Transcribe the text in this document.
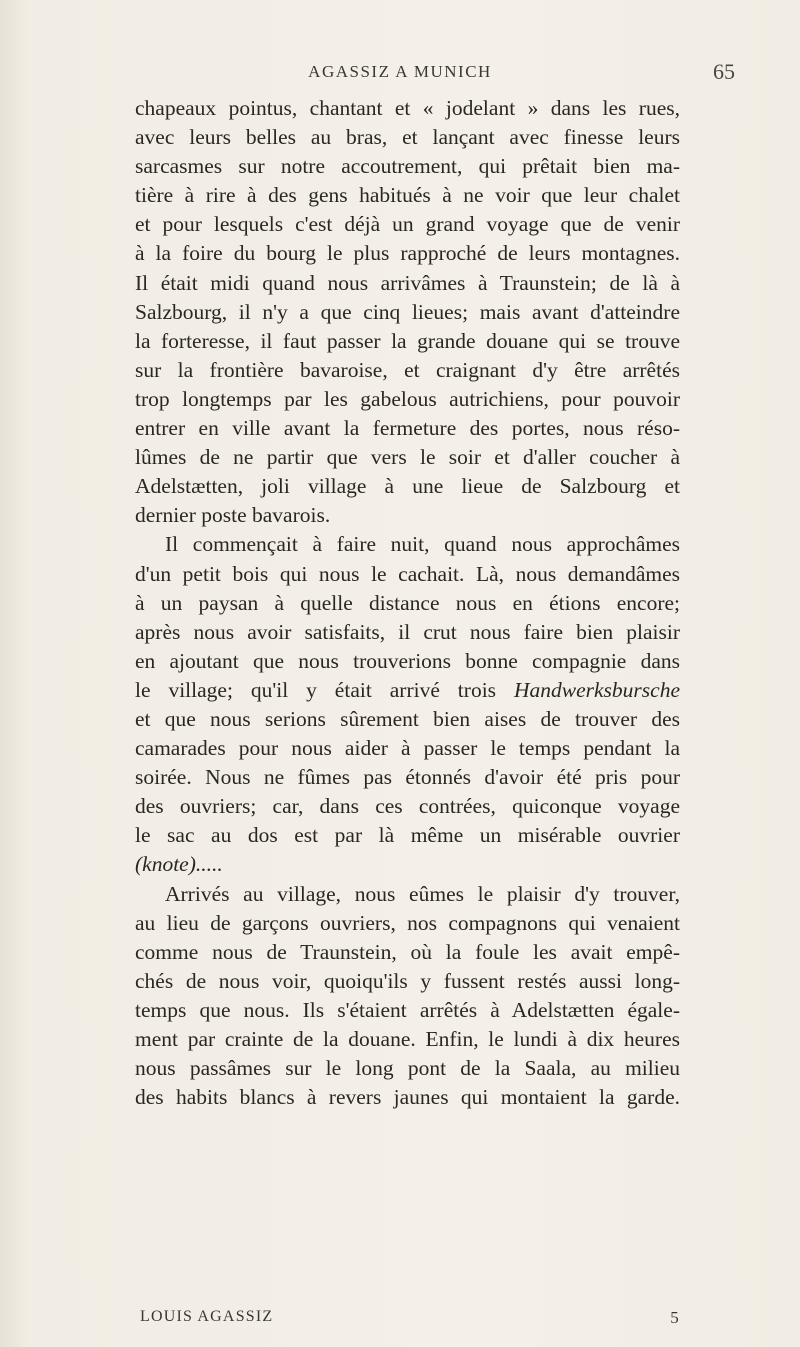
AGASSIZ A MUNICH	65
chapeaux pointus, chantant et « jodelant » dans les rues,
avec leurs belles au bras, et lançant avec finesse leurs
sarcasmes sur notre accoutrement, qui prêtait bien ma-
tière à rire à des gens habitués à ne voir que leur chalet
et pour lesquels c'est déjà un grand voyage que de venir
à la foire du bourg le plus rapproché de leurs montagnes.
Il était midi quand nous arrivâmes à Traunstein; de là à
Salzbourg, il n'y a que cinq lieues; mais avant d'atteindre
la forteresse, il faut passer la grande douane qui se trouve
sur la frontière bavaroise, et craignant d'y être arrêtés
trop longtemps par les gabelous autrichiens, pour pouvoir
entrer en ville avant la fermeture des portes, nous réso-
lûmes de ne partir que vers le soir et d'aller coucher à
Adelstætten, joli village à une lieue de Salzbourg et
dernier poste bavarois.
Il commençait à faire nuit, quand nous approchâmes
d'un petit bois qui nous le cachait. Là, nous demandâmes
à un paysan à quelle distance nous en étions encore;
après nous avoir satisfaits, il crut nous faire bien plaisir
en ajoutant que nous trouverions bonne compagnie dans
le village; qu'il y était arrivé trois Handwerksburschе
et que nous serions sûrement bien aises de trouver des
camarades pour nous aider à passer le temps pendant la
soirée. Nous ne fûmes pas étonnés d'avoir été pris pour
des ouvriers; car, dans ces contrées, quiconque voyage
le sac au dos est par là même un misérable ouvrier
(knote).....
Arrivés au village, nous eûmes le plaisir d'y trouver,
au lieu de garçons ouvriers, nos compagnons qui venaient
comme nous de Traunstein, où la foule les avait empê-
chés de nous voir, quoiqu'ils y fussent restés aussi long-
temps que nous. Ils s'étaient arrêtés à Adelstætten égale-
ment par crainte de la douane. Enfin, le lundi à dix heures
nous passâmes sur le long pont de la Saala, au milieu
des habits blancs à revers jaunes qui montaient la garde.
LOUIS AGASSIZ	5
